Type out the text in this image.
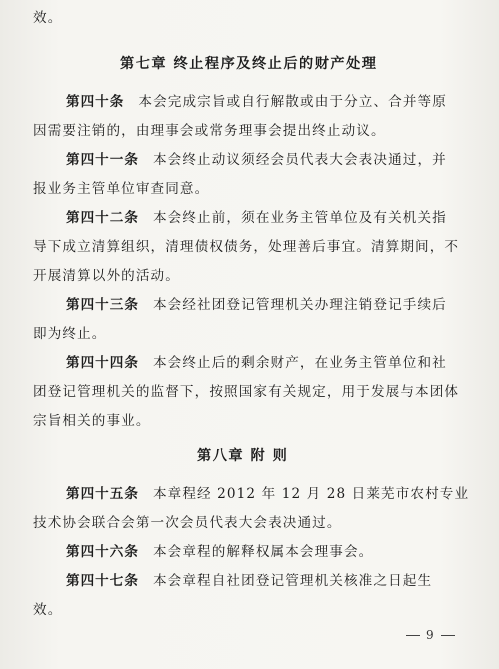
效。
第七章 终止程序及终止后的财产处理
第四十条 本会完成宗旨或自行解散或由于分立、合并等原
因需要注销的，由理事会或常务理事会提出终止动议。
第四十一条 本会终止动议须经会员代表大会表决通过，并
报业务主管单位审查同意。
第四十二条 本会终止前，须在业务主管单位及有关机关指
导下成立清算组织，清理债权债务，处理善后事宜。清算期间，不
开展清算以外的活动。
第四十三条 本会经社团登记管理机关办理注销登记手续后
即为终止。
第四十四条 本会终止后的剩余财产，在业务主管单位和社
团登记管理机关的监督下，按照国家有关规定，用于发展与本团体
宗旨相关的事业。
第八章 附 则
第四十五条 本章程经 2012 年 12 月 28 日莱芜市农村专业
技术协会联合会第一次会员代表大会表决通过。
第四十六条 本会章程的解释权属本会理事会。
第四十七条 本会章程自社团登记管理机关核准之日起生
效。
9
